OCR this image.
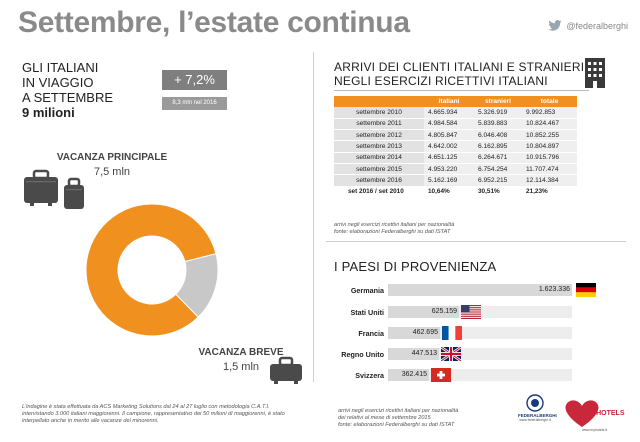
Settembre, l’estate continua	@federalberghi
GLI ITALIANI
IN VIAGGIO
A SETTEMBRE
9 milioni
+ 7,2%
8,3 mln nel 2016
VACANZA PRINCIPALE
7,5 mln
VACANZA BREVE
1,5 mln
L'indagine è stata effettuata da ACS Marketing Solutions dal 24 al 27 luglio con metodologia C.A.T.I. intervistando 3.000 italiani maggiorenni. Il campione, rappresentativo dei 50 milioni di maggiorenni, è stato interpellato anche in merito alle vacanze dei minorenni.
ARRIVI DEI CLIENTI ITALIANI E STRANIERI
NEGLI ESERCIZI RICETTIVI ITALIANI
	italiani	stranieri	totale
settembre 2010	4.665.934	5.326.919	9.992.853
settembre 2011	4.984.584	5.839.883	10.824.467
settembre 2012	4.805.847	6.046.408	10.852.255
settembre 2013	4.642.002	6.162.895	10.804.897
settembre 2014	4.651.125	6.264.671	10.915.796
settembre 2015	4.953.220	6.754.254	11.707.474
settembre 2016	5.162.169	6.952.215	12.114.384
set 2016 / set 2010	10,64%	30,51%	21,23%
arrivi negli esercizi ricettivi italiani per nazionalità
fonte: elaborazioni Federalberghi su dati ISTAT
I PAESI DI PROVENIENZA
Germania	1.623.336
Stati Uniti	625.159
Francia	462.695
Regno Unito	447.513
Svizzera	362.415
arrivi negli esercizi ricettivi italiani per nazionalità
dei relativi al mese di settembre 2015
fonte: elaborazioni Federalberghi su dati ISTAT
FEDERALBERGHI
www.federalberghi.it
myHOTELS
www.myhotels.it
